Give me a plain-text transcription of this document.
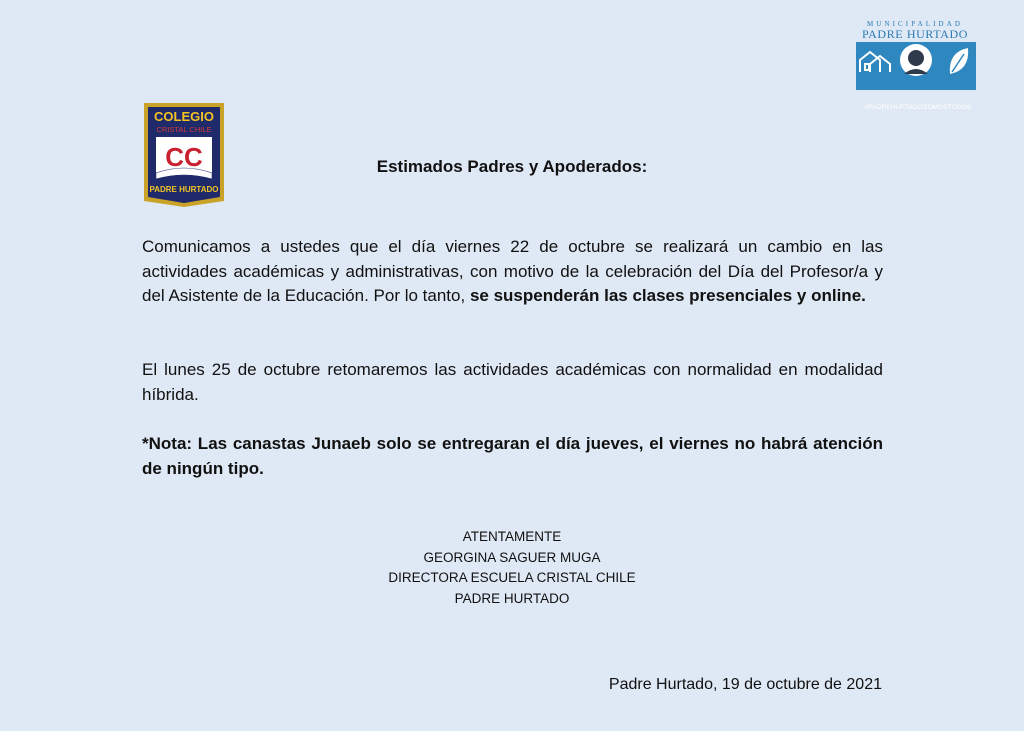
COLEGIO
CRISTAL CHILE
CC
PADRE HURTADO
MUNICIPALIDAD
PADRE HURTADO
#PADREHURTADOSOMOSTODOS
Estimados Padres y Apoderados:
Comunicamos a ustedes que el día viernes 22 de octubre se realizará un cambio en las actividades académicas y administrativas, con motivo de la celebración del Día del Profesor/a y del Asistente de la Educación. Por lo tanto, se suspenderán las clases presenciales y online.
El lunes 25 de octubre retomaremos las actividades académicas con normalidad en modalidad híbrida.
*Nota: Las canastas Junaeb solo se entregaran el día jueves, el viernes no habrá atención de ningún tipo.
ATENTAMENTE
GEORGINA SAGUER MUGA
DIRECTORA ESCUELA CRISTAL CHILE
PADRE HURTADO
Padre Hurtado, 19 de octubre de 2021
